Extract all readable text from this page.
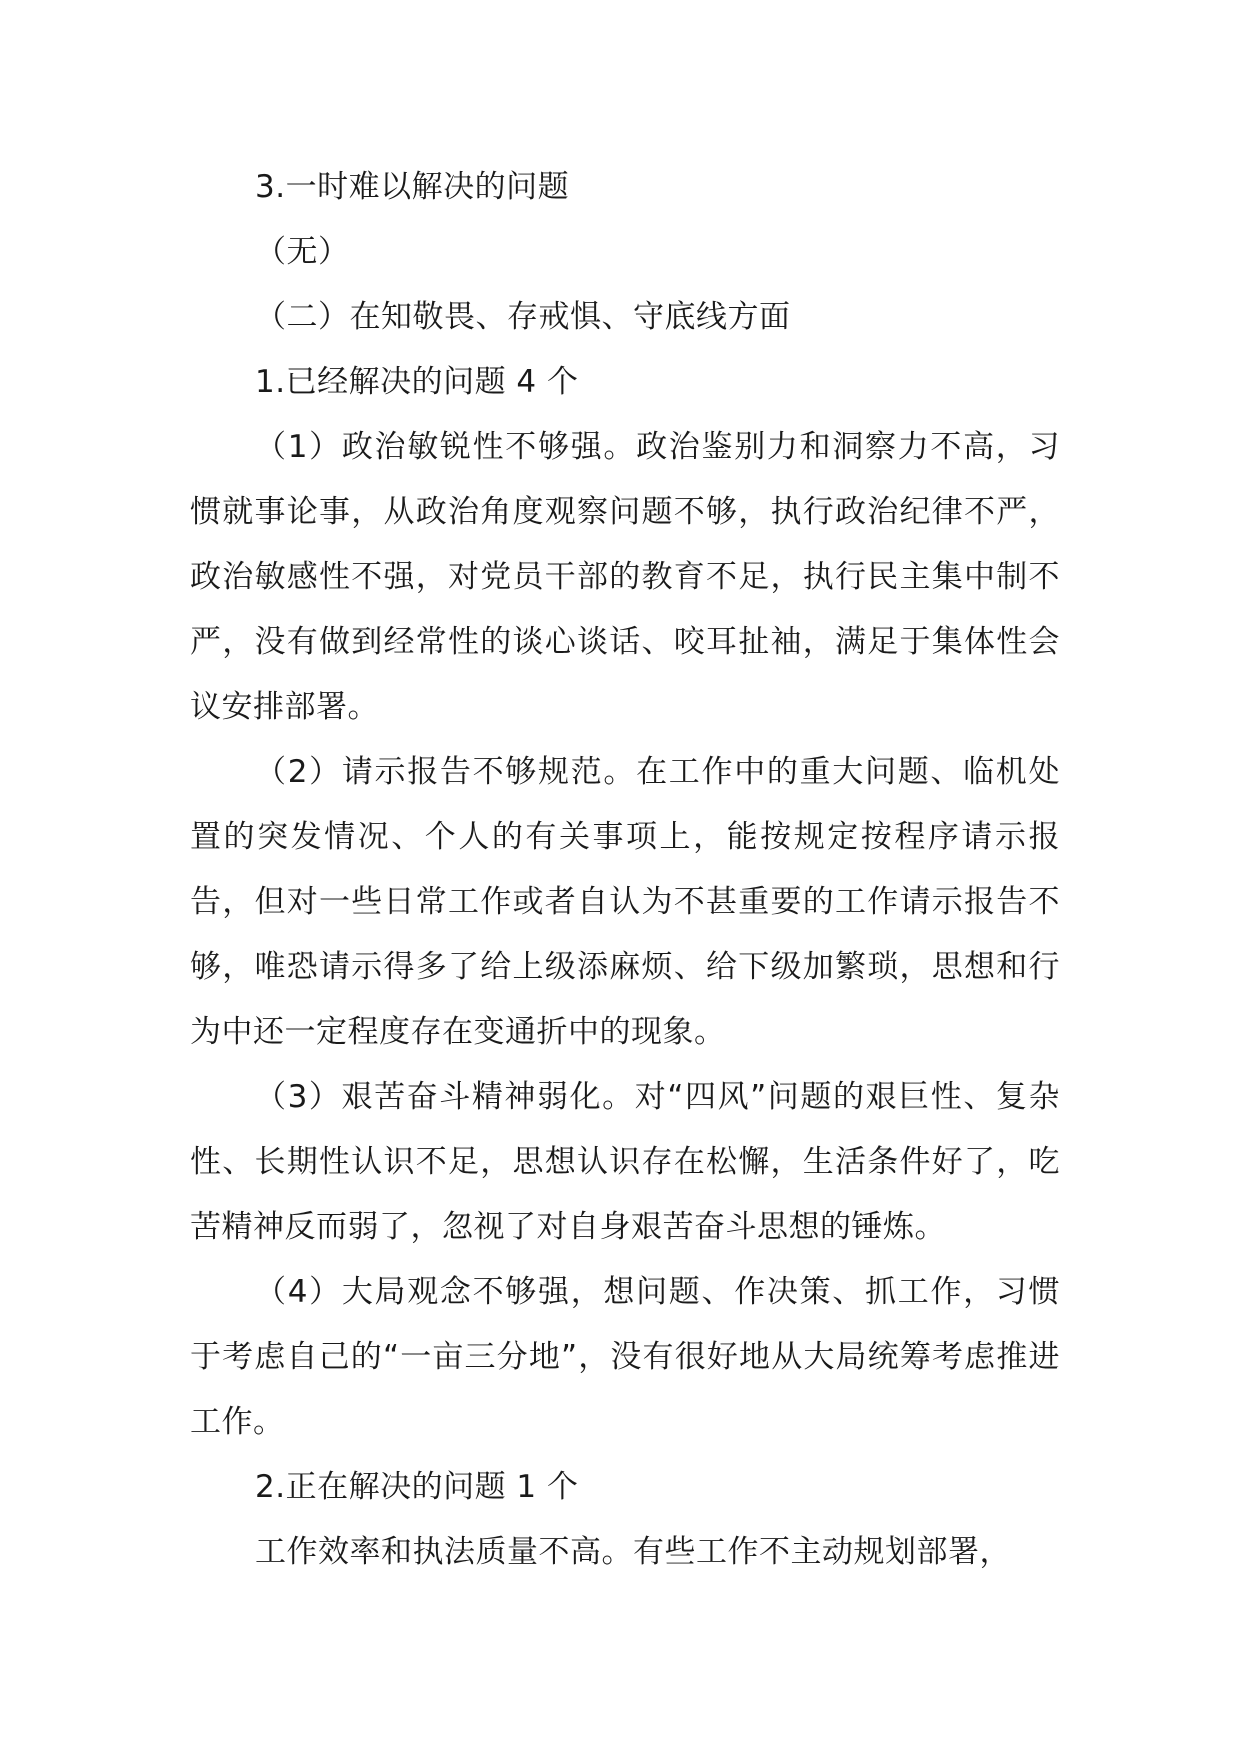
3.一时难以解决的问题

（无）

（二）在知敬畏、存戒惧、守底线方面

1.已经解决的问题 4 个

（1）政治敏锐性不够强。政治鉴别力和洞察力不高，习惯就事论事，从政治角度观察问题不够，执行政治纪律不严，政治敏感性不强，对党员干部的教育不足，执行民主集中制不严，没有做到经常性的谈心谈话、咬耳扯袖，满足于集体性会议安排部署。

（2）请示报告不够规范。在工作中的重大问题、临机处置的突发情况、个人的有关事项上，能按规定按程序请示报告，但对一些日常工作或者自认为不甚重要的工作请示报告不够，唯恐请示得多了给上级添麻烦、给下级加繁琐，思想和行为中还一定程度存在变通折中的现象。

（3）艰苦奋斗精神弱化。对“四风”问题的艰巨性、复杂性、长期性认识不足，思想认识存在松懈，生活条件好了，吃苦精神反而弱了，忽视了对自身艰苦奋斗思想的锤炼。

（4）大局观念不够强，想问题、作决策、抓工作，习惯于考虑自己的“一亩三分地”，没有很好地从大局统筹考虑推进工作。

2.正在解决的问题 1 个

工作效率和执法质量不高。有些工作不主动规划部署，
